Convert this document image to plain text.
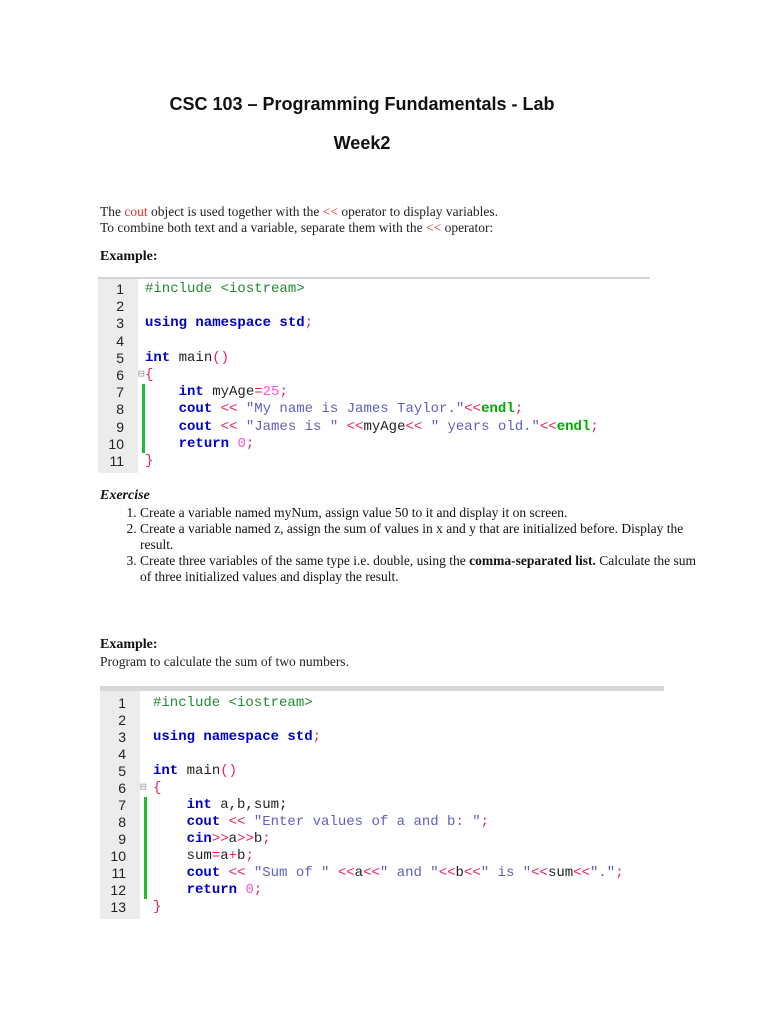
CSC 103 – Programming Fundamentals - Lab
Week2
The cout object is used together with the << operator to display variables.
To combine both text and a variable, separate them with the << operator:
Example:
1 #include <iostream>
2
3 using namespace std;
4
5 int main()
6 ⊟ {
7	int myAge=25;
8	cout << "My name is James Taylor."<<endl;
9	cout << "James is " <<myAge<< " years old."<<endl;
10	return 0;
11 }
Exercise
1. Create a variable named myNum, assign value 50 to it and display it on screen.
2. Create a variable named z, assign the sum of values in x and y that are initialized before. Display the result.
3. Create three variables of the same type i.e. double, using the comma-separated list. Calculate the sum of three initialized values and display the result.
Example:
Program to calculate the sum of two numbers.
1 #include <iostream>
2
3 using namespace std;
4
5 int main()
6 ⊟ {
7	int a,b,sum;
8	cout << "Enter values of a and b: ";
9	cin>>a>>b;
10	sum=a+b;
11	cout << "Sum of " <<a<<" and "<<b<<" is "<<sum<<".";
12	return 0;
13 }
